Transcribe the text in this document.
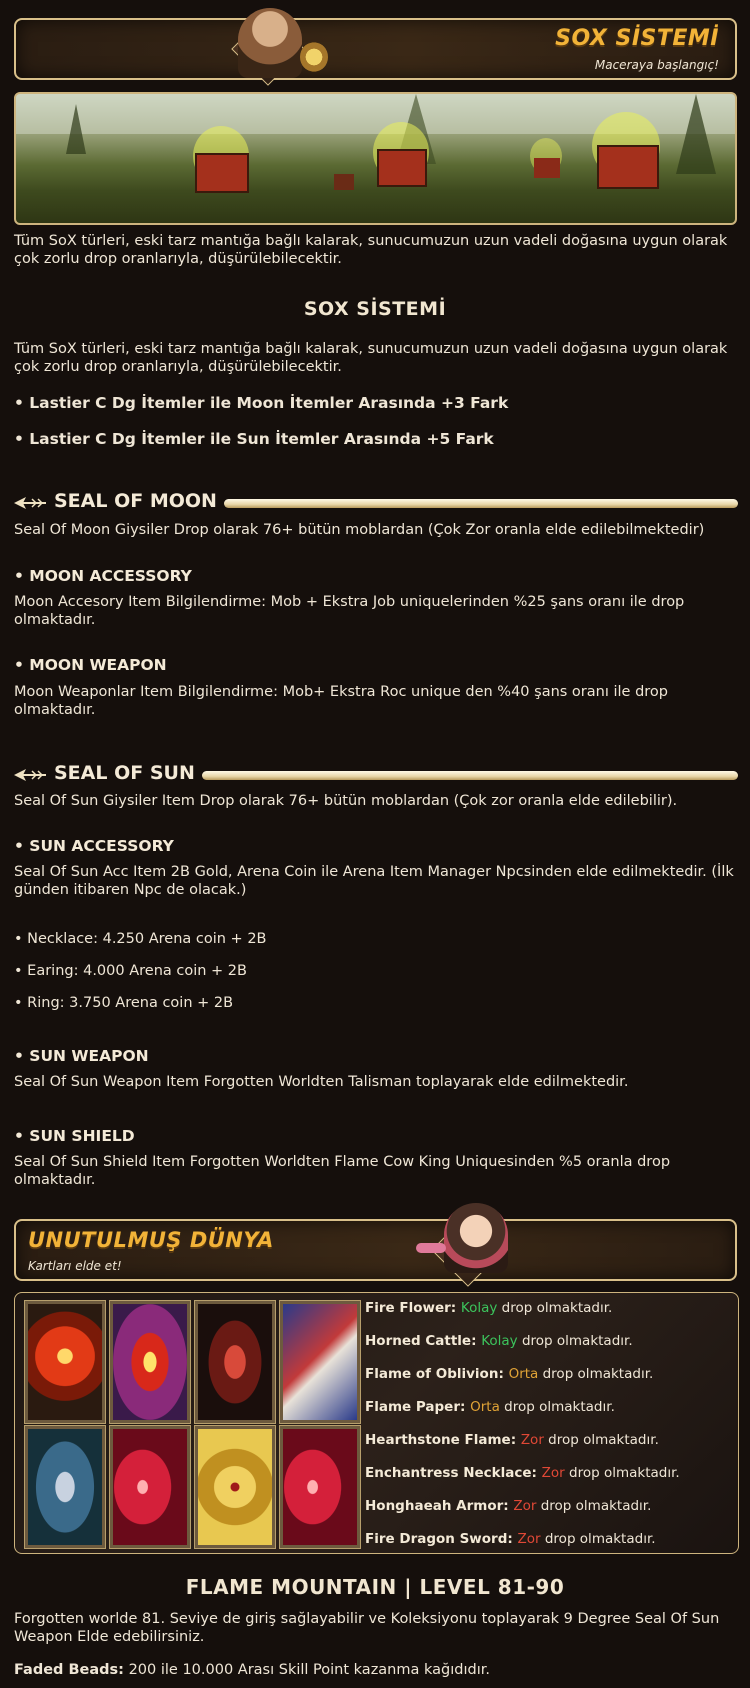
SOX SİSTEMİ
Maceraya başlangıç!
Tüm SoX türleri, eski tarz mantığa bağlı kalarak, sunucumuzun uzun vadeli doğasına uygun olarak çok zorlu drop oranlarıyla, düşürülebilecektir.
SOX SİSTEMİ
Tüm SoX türleri, eski tarz mantığa bağlı kalarak, sunucumuzun uzun vadeli doğasına uygun olarak çok zorlu drop oranlarıyla, düşürülebilecektir.
• Lastier C Dg İtemler ile Moon İtemler Arasında +3 Fark
• Lastier C Dg İtemler ile Sun İtemler Arasında +5 Fark
SEAL OF MOON
Seal Of Moon Giysiler Drop olarak 76+ bütün moblardan (Çok Zor oranla elde edilebilmektedir)
• MOON ACCESSORY
Moon Accesory Item Bilgilendirme: Mob + Ekstra Job uniquelerinden %25 şans oranı ile drop olmaktadır.
• MOON WEAPON
Moon Weaponlar Item Bilgilendirme: Mob+ Ekstra Roc unique den %40 şans oranı ile drop olmaktadır.
SEAL OF SUN
Seal Of Sun Giysiler Item Drop olarak 76+ bütün moblardan (Çok zor oranla elde edilebilir).
• SUN ACCESSORY
Seal Of Sun Acc Item 2B Gold, Arena Coin ile Arena Item Manager Npcsinden elde edilmektedir. (İlk günden itibaren Npc de olacak.)
• Necklace: 4.250 Arena coin + 2B
• Earing: 4.000 Arena coin + 2B
• Ring: 3.750 Arena coin + 2B
• SUN WEAPON
Seal Of Sun Weapon Item Forgotten Worldten Talisman toplayarak elde edilmektedir.
• SUN SHIELD
Seal Of Sun Shield Item Forgotten Worldten Flame Cow King Uniquesinden %5 oranla drop olmaktadır.
UNUTULMUŞ DÜNYA
Kartları elde et!
Fire Flower: Kolay drop olmaktadır.
Horned Cattle: Kolay drop olmaktadır.
Flame of Oblivion: Orta drop olmaktadır.
Flame Paper: Orta drop olmaktadır.
Hearthstone Flame: Zor drop olmaktadır.
Enchantress Necklace: Zor drop olmaktadır.
Honghaeah Armor: Zor drop olmaktadır.
Fire Dragon Sword: Zor drop olmaktadır.
FLAME MOUNTAIN | LEVEL 81-90
Forgotten worlde 81. Seviye de giriş sağlayabilir ve Koleksiyonu toplayarak 9 Degree Seal Of Sun Weapon Elde edebilirsiniz.
Faded Beads: 200 ile 10.000 Arası Skill Point kazanma kağıdıdır.
